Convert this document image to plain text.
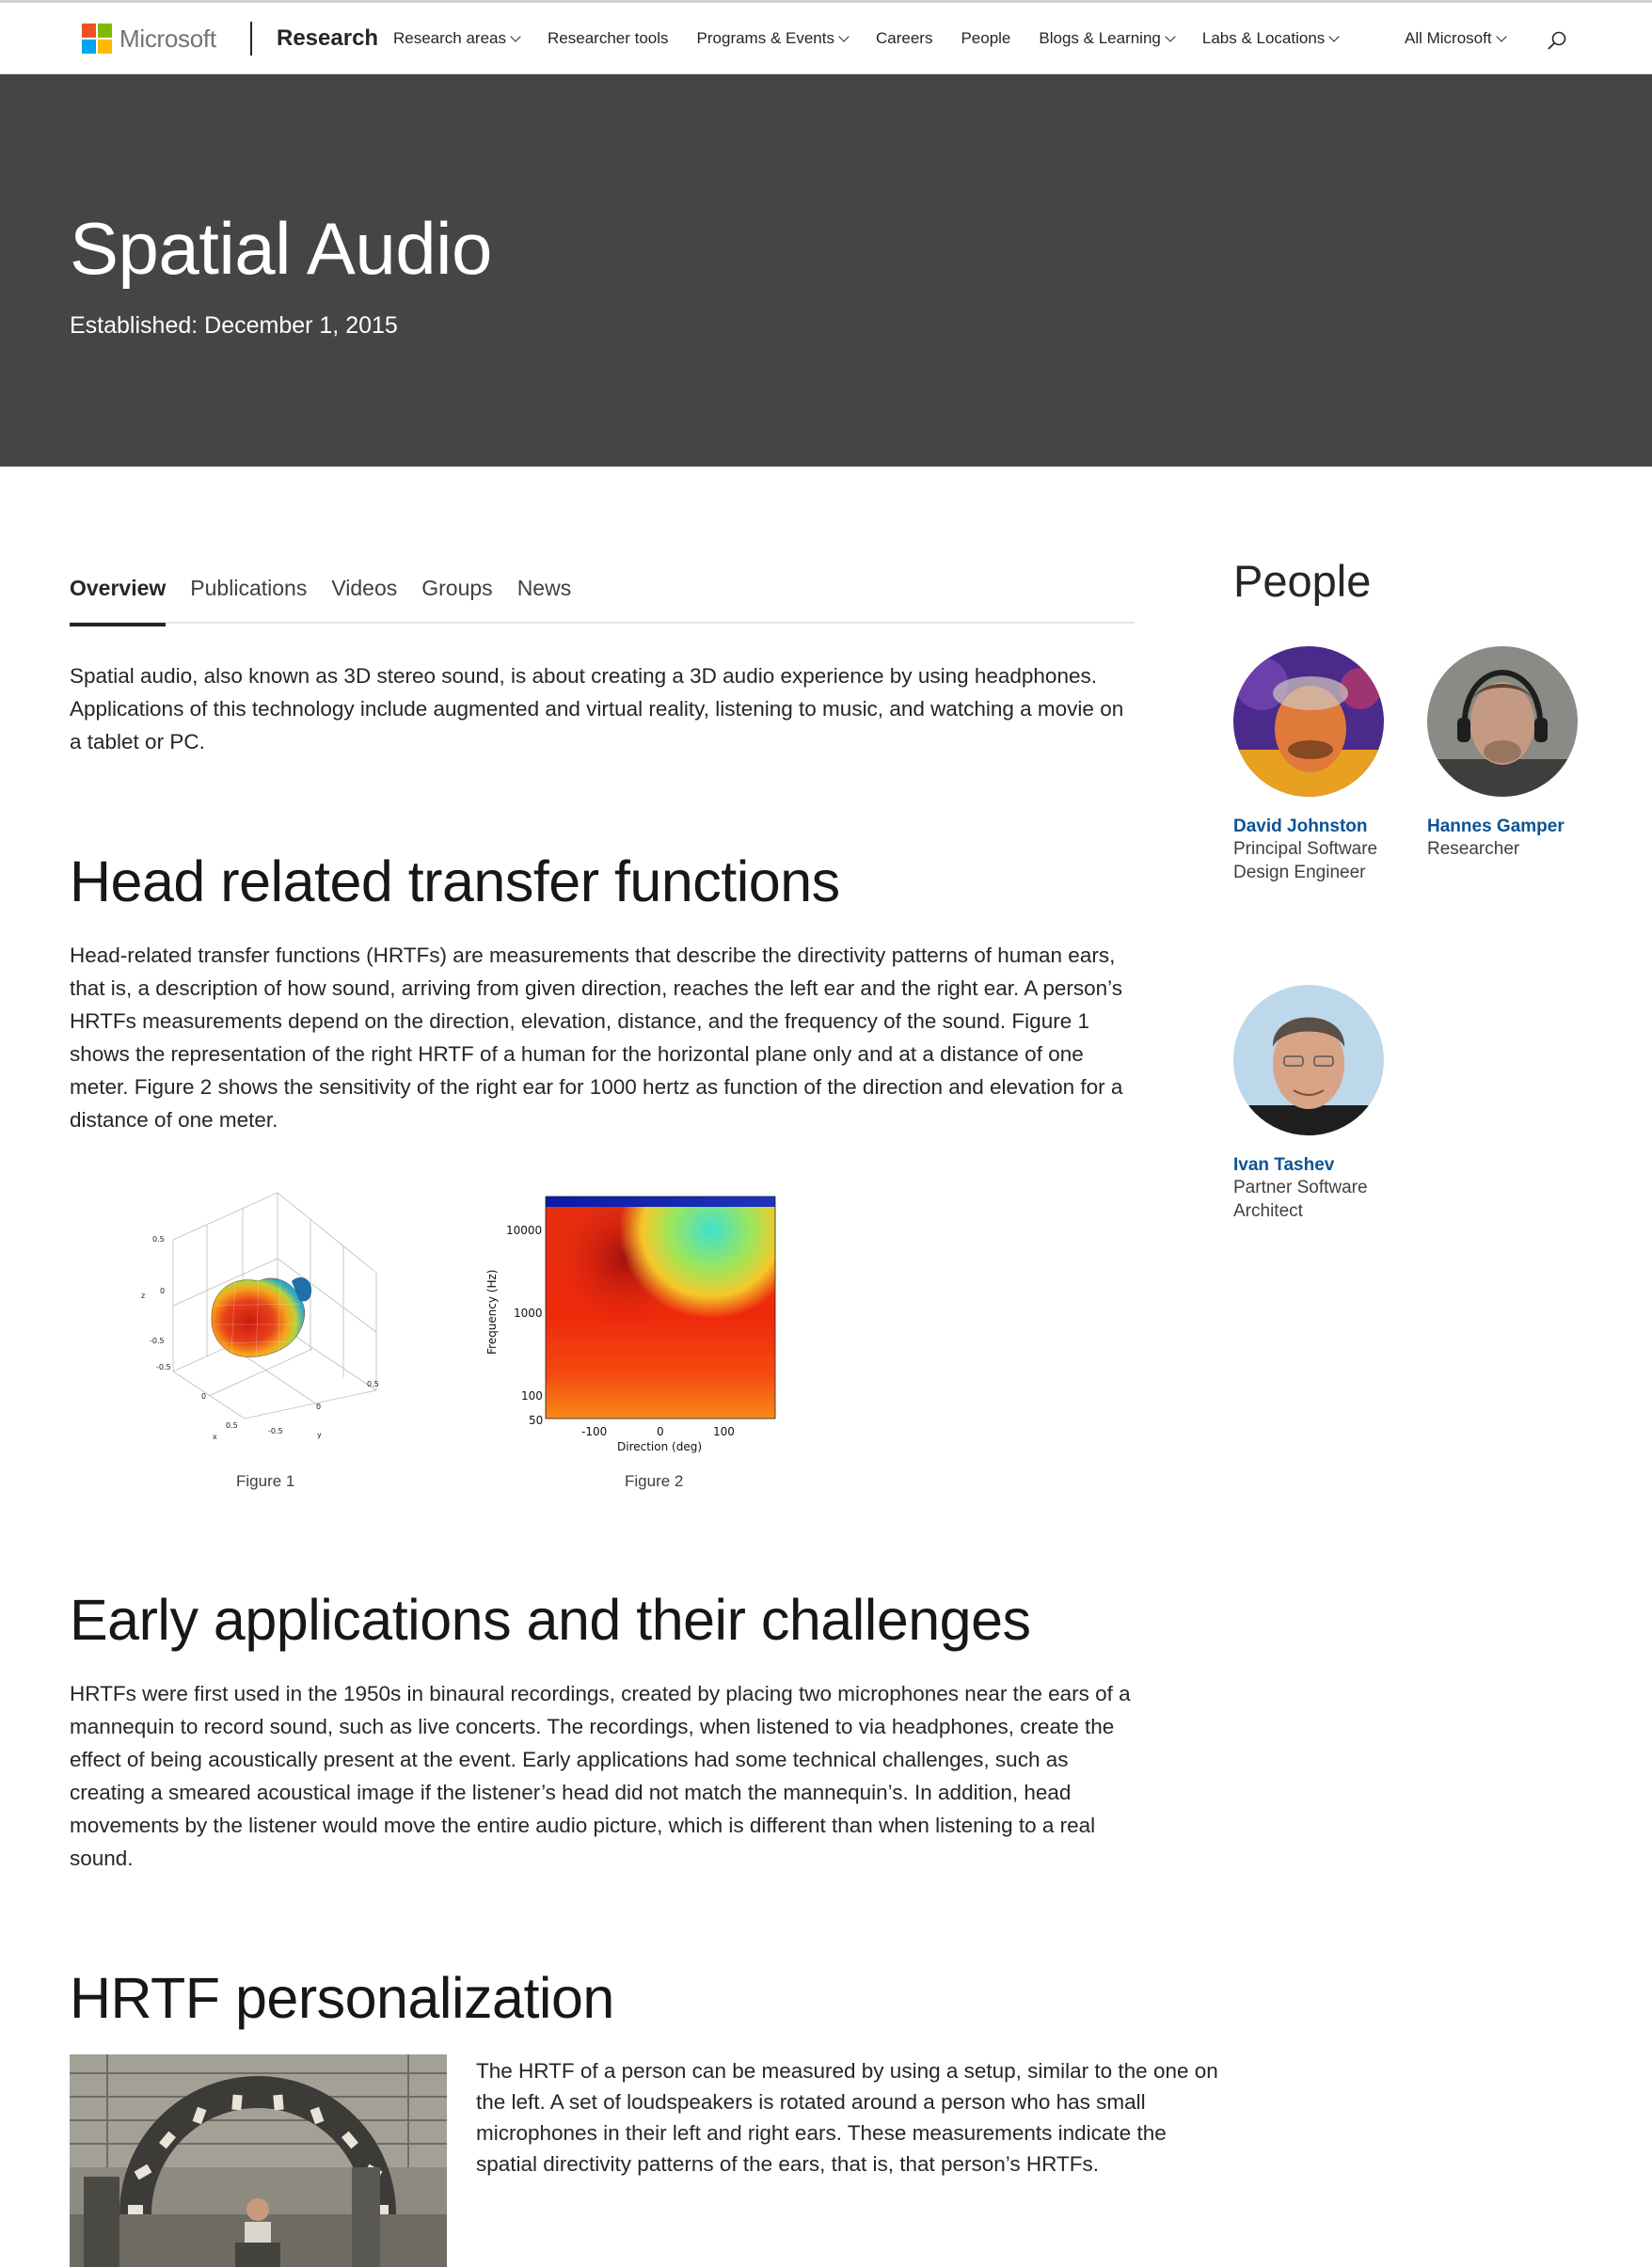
Microsoft	Research Research areas	Researcher tools Programs & Events	Careers People Blogs & Learning	Labs & Locations	All Microsoft
Spatial Audio
Established: December 1, 2015
Overview Publications Videos Groups News

Spatial audio, also known as 3D stereo sound, is about creating a 3D audio experience by using headphones. Applications of this technology include augmented and virtual reality, listening to music, and watching a movie on a tablet or PC.

Head related transfer functions

Head-related transfer functions (HRTFs) are measurements that describe the directivity patterns of human ears, that is, a description of how sound, arriving from given direction, reaches the left ear and the right ear. A person’s HRTFs measurements depend on the direction, elevation, distance, and the frequency of the sound. Figure 1 shows the representation of the right HRTF of a human for the horizontal plane only and at a distance of one meter. Figure 2 shows the sensitivity of the right ear for 1000 hertz as function of the direction and elevation for a distance of one meter.

0.5
0
-0.5
-0.5
0
0.5
-0.5
0
0.5
z
x	y
Figure 1
10000
1000
100
50
-100	0	100
Direction (deg)
Frequency (Hz)
Figure 2
Early applications and their challenges

HRTFs were first used in the 1950s in binaural recordings, created by placing two microphones near the ears of a mannequin to record sound, such as live concerts. The recordings, when listened to via headphones, create the effect of being acoustically present at the event. Early applications had some technical challenges, such as creating a smeared acoustical image if the listener’s head did not match the mannequin’s. In addition, head movements by the listener would move the entire audio picture, which is different than when listening to a real sound.

HRTF personalization

The HRTF of a person can be measured by using a setup, similar to the one on the left. A set of loudspeakers is rotated around a person who has small microphones in their left and right ears. These measurements indicate the spatial directivity patterns of the ears, that is, that person’s HRTFs.

People
David Johnston
Principal Software Design Engineer
Hannes Gamper
Researcher
Ivan Tashev
Partner Software Architect
